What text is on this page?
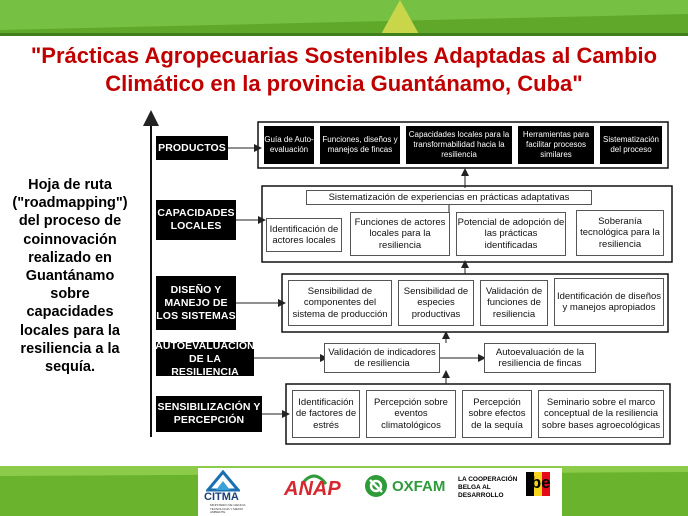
"Prácticas Agropecuarias Sostenibles Adaptadas al Cambio Climático en la provincia Guantánamo, Cuba"
Hoja de ruta ("roadmapping") del proceso de coinnovación realizado en Guantánamo sobre capacidades locales para la resiliencia a la sequía.
PRODUCTOS
CAPACIDADES LOCALES
DISEÑO Y MANEJO DE LOS SISTEMAS
AUTOEVALUACIÓN DE LA RESILIENCIA
SENSIBILIZACIÓN Y PERCEPCIÓN
Guía de Auto-evaluación
Funciones, diseños y manejos de fincas
Capacidades locales para la transformabilidad hacia la resiliencia
Herramientas para facilitar procesos similares
Sistematización del proceso
Sistematización de experiencias en prácticas adaptativas
Identificación de actores locales
Funciones de actores locales para la resiliencia
Potencial de adopción de las prácticas identificadas
Soberanía tecnológica para la resiliencia
Sensibilidad de componentes del sistema de producción
Sensibilidad de especies productivas
Validación de funciones de resiliencia
Identificación de diseños y manejos apropiados
Validación de indicadores de resiliencia
Autoevaluación de la resiliencia de fincas
Identificación de factores de estrés
Percepción sobre eventos climatológicos
Percepción sobre efectos de la sequía
Seminario sobre el marco conceptual de la resiliencia sobre bases agroecológicas
CITMA
MINISTERIO DE CIENCIA TECNOLOGÍA Y MEDIO AMBIENTE
ANAP	OXFAM LA COOPERACIÓN BELGA AL DESARROLLO
.be
